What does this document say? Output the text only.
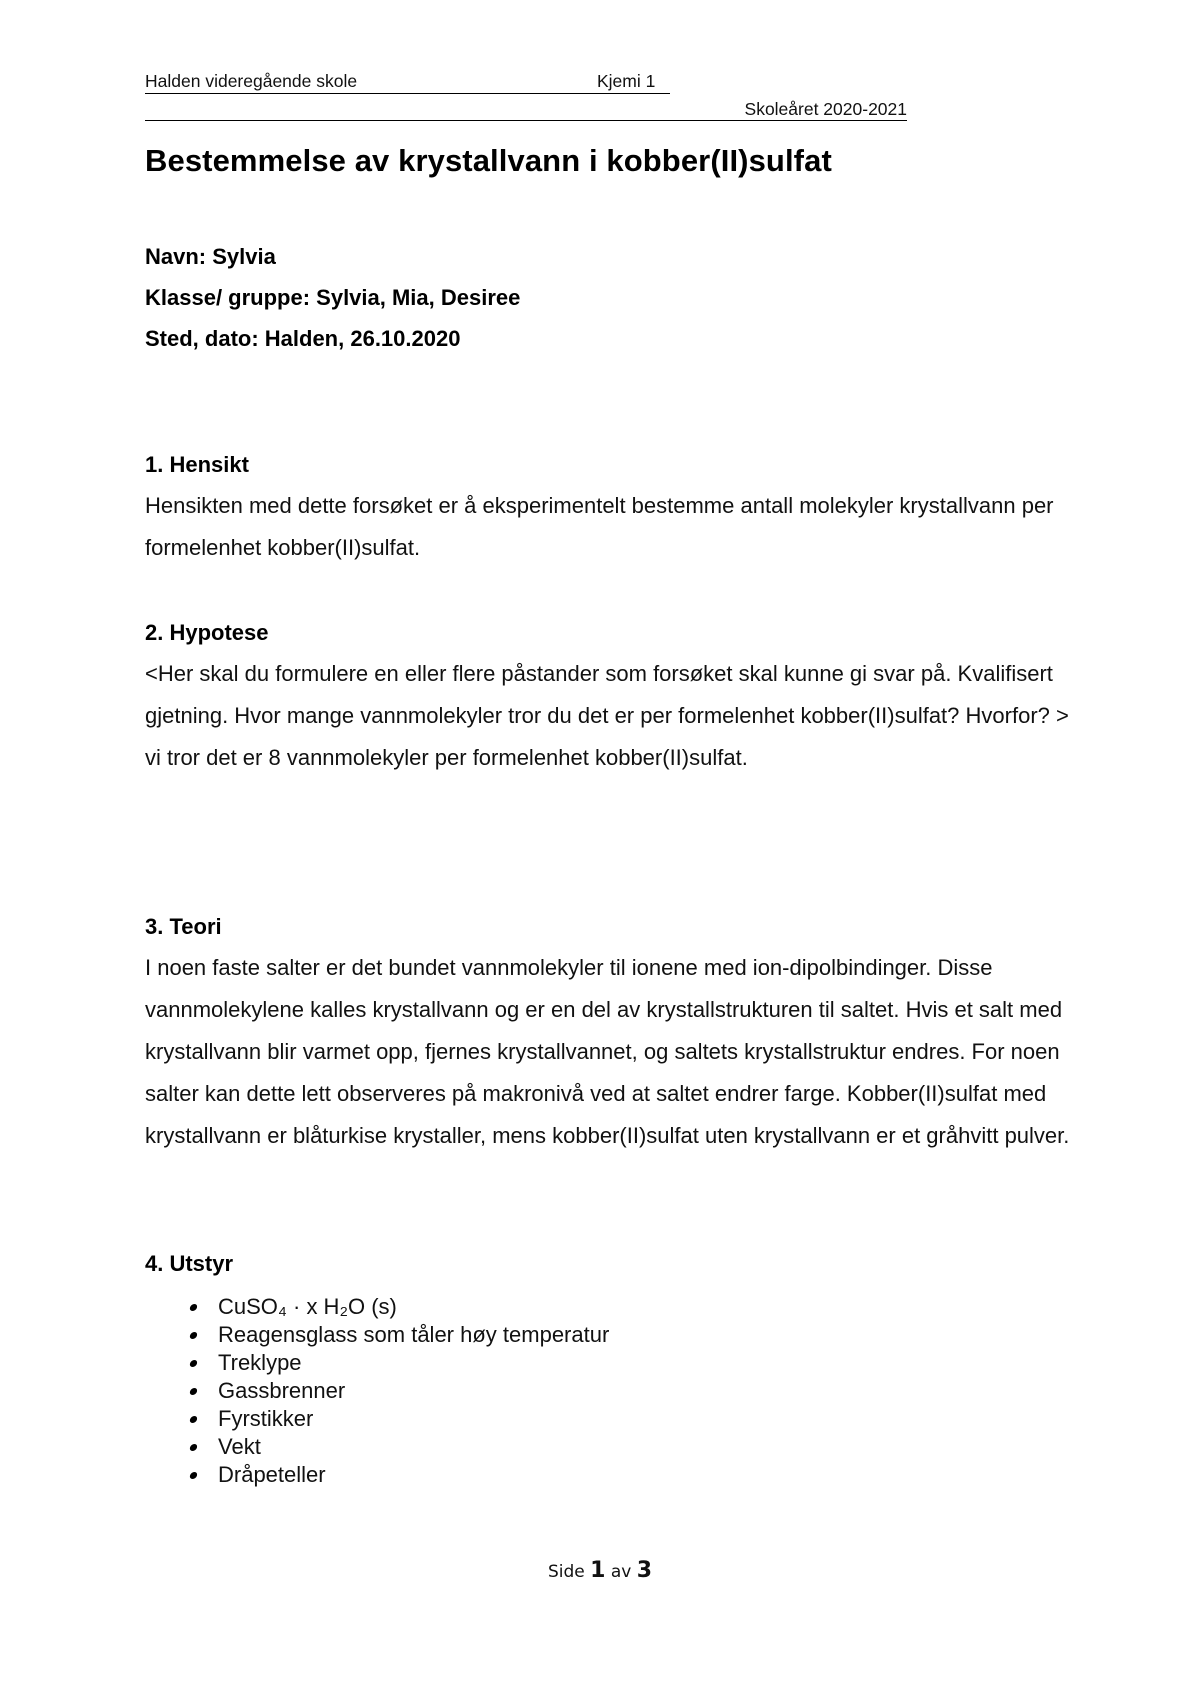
Halden videregående skole	Kjemi 1
Skoleåret 2020-2021
Bestemmelse av krystallvann i kobber(II)sulfat

Navn: Sylvia

Klasse/ gruppe: Sylvia, Mia, Desiree

Sted, dato: Halden, 26.10.2020

1. Hensikt

Hensikten med dette forsøket er å eksperimentelt bestemme antall molekyler krystallvann per formelenhet kobber(II)sulfat.

2. Hypotese

<Her skal du formulere en eller flere påstander som forsøket skal kunne gi svar på. Kvalifisert gjetning. Hvor mange vannmolekyler tror du det er per formelenhet kobber(II)sulfat? Hvorfor? > vi tror det er 8 vannmolekyler per formelenhet kobber(II)sulfat.

3. Teori

I noen faste salter er det bundet vannmolekyler til ionene med ion-dipolbindinger. Disse vannmolekylene kalles krystallvann og er en del av krystallstrukturen til saltet. Hvis et salt med krystallvann blir varmet opp, fjernes krystallvannet, og saltets krystallstruktur endres. For noen salter kan dette lett observeres på makronivå ved at saltet endrer farge. Kobber(II)sulfat med krystallvann er blåturkise krystaller, mens kobber(II)sulfat uten krystallvann er et gråhvitt pulver.

4. Utstyr
CuSO₄ · x H₂O (s)
Reagensglass som tåler høy temperatur
Treklype
Gassbrenner
Fyrstikker
Vekt
Dråpeteller
Side 1 av 3
